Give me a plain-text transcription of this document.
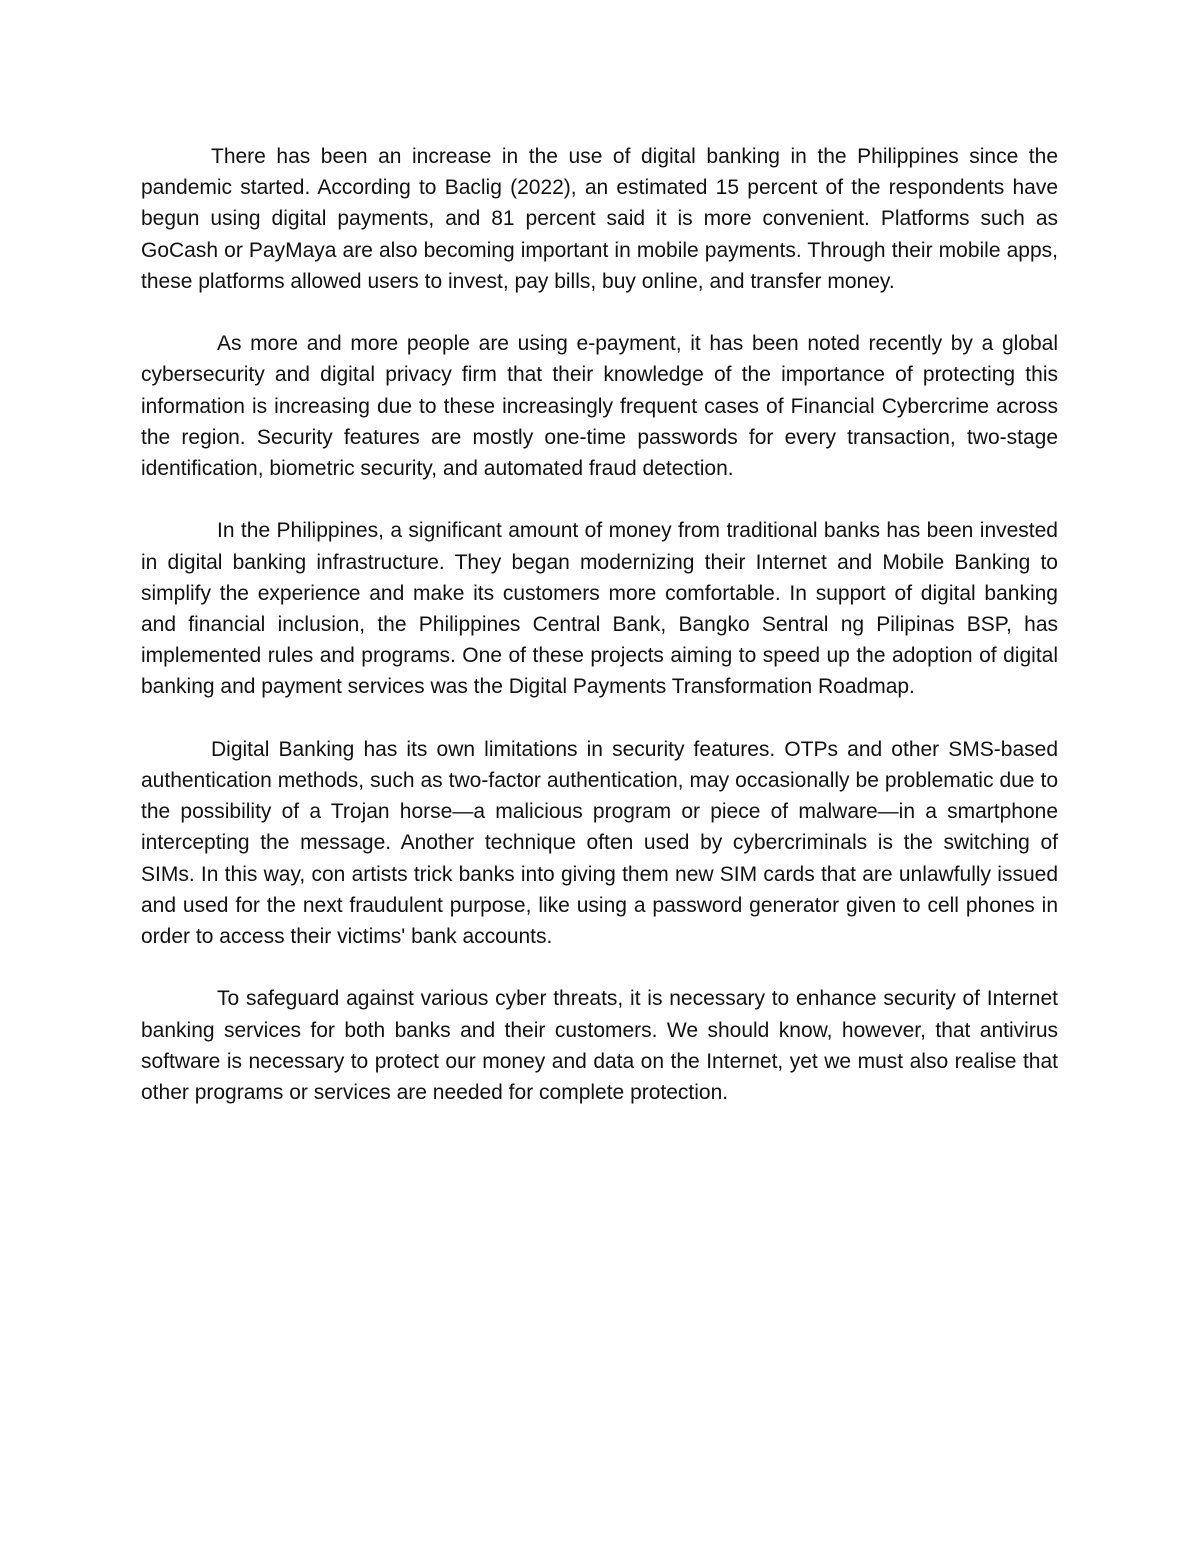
There has been an increase in the use of digital banking in the Philippines since the pandemic started. According to Baclig (2022), an estimated 15 percent of the respondents have begun using digital payments, and 81 percent said it is more convenient. Platforms such as GoCash or PayMaya are also becoming important in mobile payments. Through their mobile apps, these platforms allowed users to invest, pay bills, buy online, and transfer money.

As more and more people are using e-payment, it has been noted recently by a global cybersecurity and digital privacy firm that their knowledge of the importance of protecting this information is increasing due to these increasingly frequent cases of Financial Cybercrime across the region. Security features are mostly one-time passwords for every transaction, two-stage identification, biometric security, and automated fraud detection.

In the Philippines, a significant amount of money from traditional banks has been invested in digital banking infrastructure. They began modernizing their Internet and Mobile Banking to simplify the experience and make its customers more comfortable. In support of digital banking and financial inclusion, the Philippines Central Bank, Bangko Sentral ng Pilipinas BSP, has implemented rules and programs. One of these projects aiming to speed up the adoption of digital banking and payment services was the Digital Payments Transformation Roadmap.

Digital Banking has its own limitations in security features. OTPs and other SMS-based authentication methods, such as two-factor authentication, may occasionally be problematic due to the possibility of a Trojan horse—a malicious program or piece of malware—in a smartphone intercepting the message. Another technique often used by cybercriminals is the switching of SIMs. In this way, con artists trick banks into giving them new SIM cards that are unlawfully issued and used for the next fraudulent purpose, like using a password generator given to cell phones in order to access their victims' bank accounts.

To safeguard against various cyber threats, it is necessary to enhance security of Internet banking services for both banks and their customers. We should know, however, that antivirus software is necessary to protect our money and data on the Internet, yet we must also realise that other programs or services are needed for complete protection.
